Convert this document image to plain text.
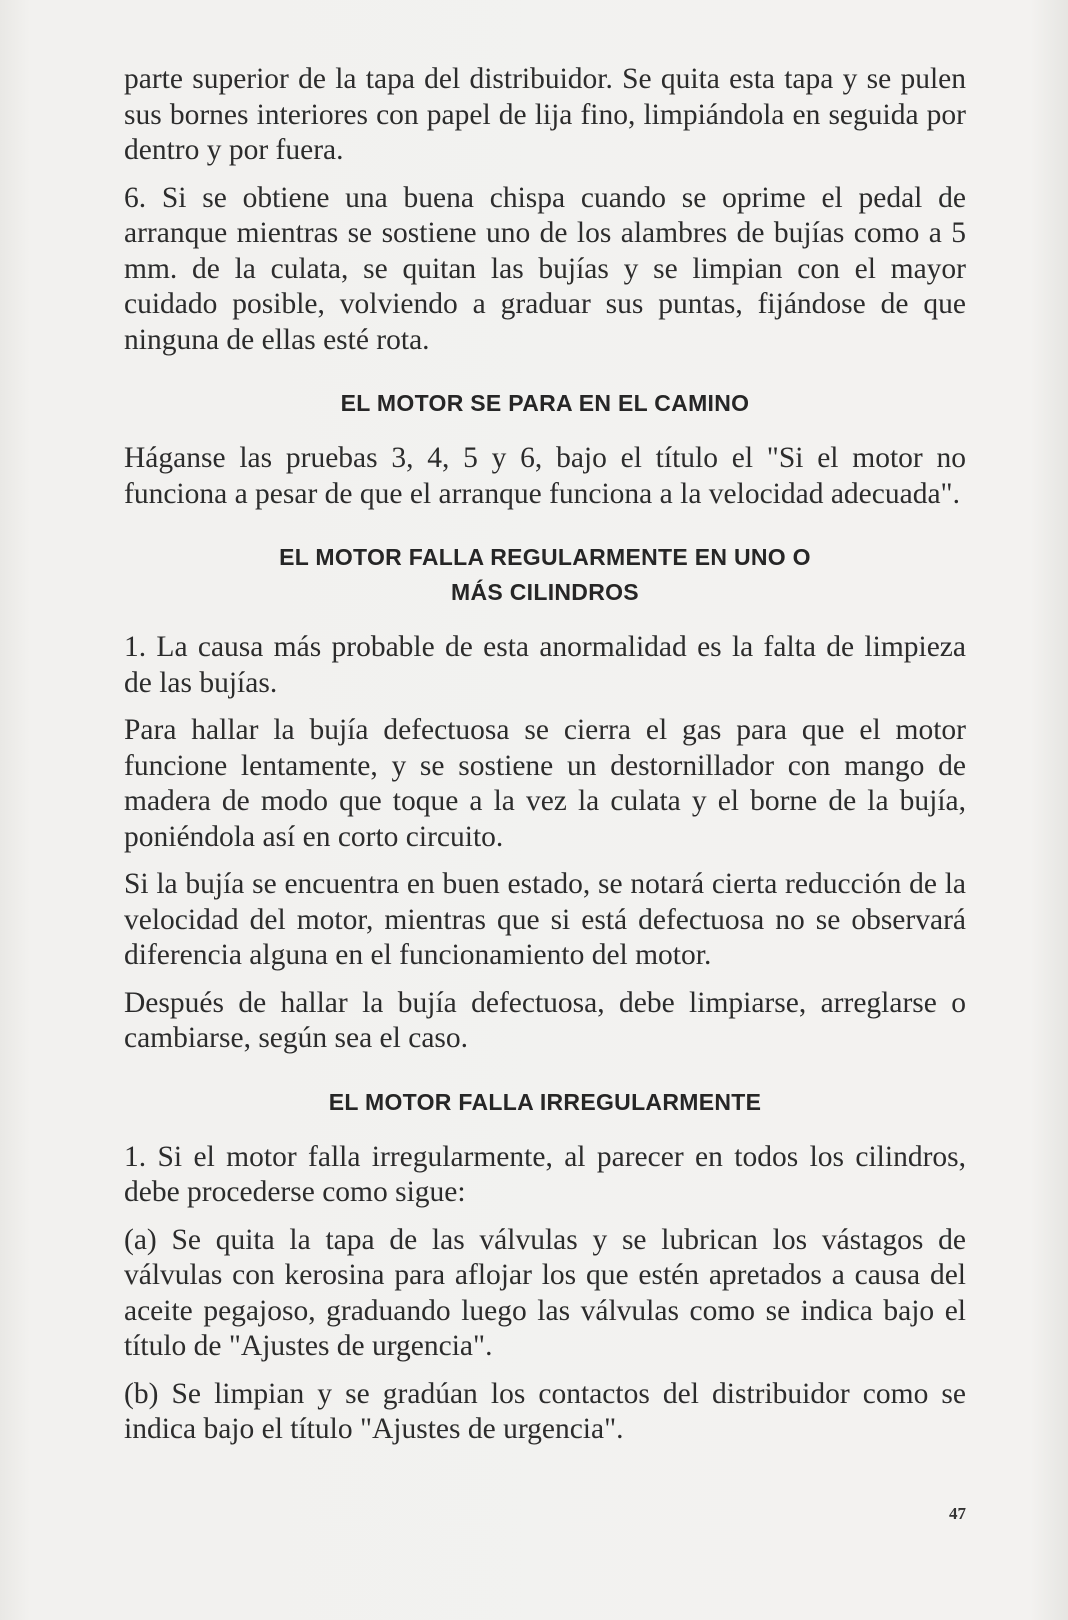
parte superior de la tapa del distribuidor. Se quita esta tapa y se pulen sus bornes interiores con papel de lija fino, limpiándola en seguida por dentro y por fuera.

6. Si se obtiene una buena chispa cuando se oprime el pedal de arranque mientras se sostiene uno de los alambres de bujías como a 5 mm. de la culata, se quitan las bujías y se limpian con el mayor cuidado posible, volviendo a graduar sus puntas, fijándose de que ninguna de ellas esté rota.

EL MOTOR SE PARA EN EL CAMINO

Háganse las pruebas 3, 4, 5 y 6, bajo el título el "Si el motor no funciona a pesar de que el arranque funciona a la velocidad adecuada".

EL MOTOR FALLA REGULARMENTE EN UNO O
MÁS CILINDROS

1. La causa más probable de esta anormalidad es la falta de limpieza de las bujías.

Para hallar la bujía defectuosa se cierra el gas para que el motor funcione lentamente, y se sostiene un destornillador con mango de madera de modo que toque a la vez la culata y el borne de la bujía, poniéndola así en corto circuito.

Si la bujía se encuentra en buen estado, se notará cierta reducción de la velocidad del motor, mientras que si está defectuosa no se observará diferencia alguna en el funcionamiento del motor.

Después de hallar la bujía defectuosa, debe limpiarse, arreglarse o cambiarse, según sea el caso.

EL MOTOR FALLA IRREGULARMENTE

1. Si el motor falla irregularmente, al parecer en todos los cilindros, debe procederse como sigue:

(a) Se quita la tapa de las válvulas y se lubrican los vástagos de válvulas con kerosina para aflojar los que estén apretados a causa del aceite pegajoso, graduando luego las válvulas como se indica bajo el título de "Ajustes de urgencia".

(b) Se limpian y se gradúan los contactos del distribuidor como se indica bajo el título "Ajustes de urgencia".

47
